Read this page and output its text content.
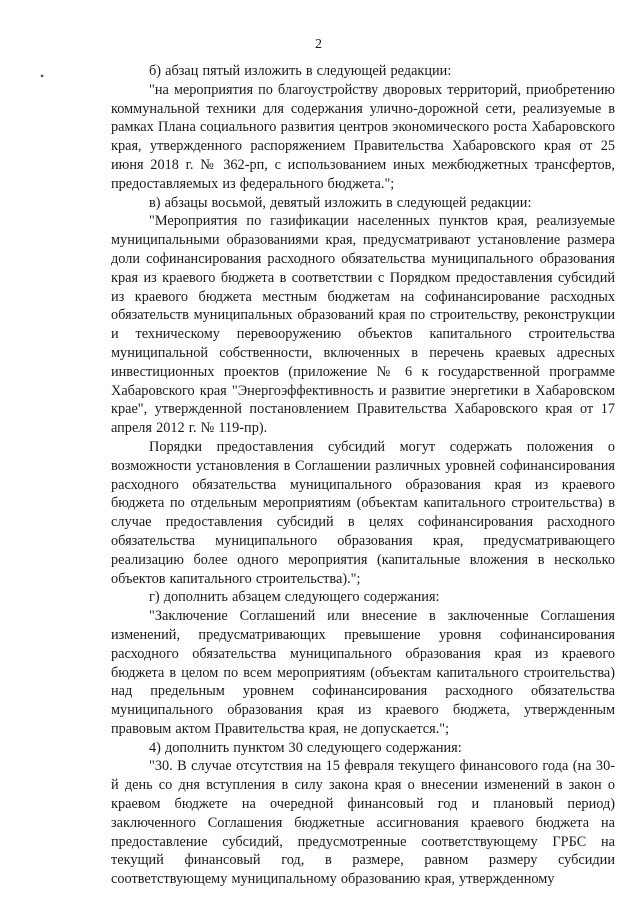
2
•	б) абзац пятый изложить в следующей редакции:

"на мероприятия по благоустройству дворовых территорий, приобретению коммунальной техники для содержания улично-дорожной сети, реализуемые в рамках Плана социального развития центров экономического роста Хабаровского края, утвержденного распоряжением Правительства Хабаровского края от 25 июня 2018 г. № 362-рп, с использованием иных межбюджетных трансфертов, предоставляемых из федерального бюджета.";

в) абзацы восьмой, девятый изложить в следующей редакции:

"Мероприятия по газификации населенных пунктов края, реализуемые муниципальными образованиями края, предусматривают установление размера доли софинансирования расходного обязательства муниципального образования края из краевого бюджета в соответствии с Порядком предоставления субсидий из краевого бюджета местным бюджетам на софинансирование расходных обязательств муниципальных образований края по строительству, реконструкции и техническому перевооружению объектов капитального строительства муниципальной собственности, включенных в перечень краевых адресных инвестиционных проектов (приложение № 6 к государственной программе Хабаровского края "Энергоэффективность и развитие энергетики в Хабаровском крае", утвержденной постановлением Правительства Хабаровского края от 17 апреля 2012 г. № 119-пр).

Порядки предоставления субсидий могут содержать положения о возможности установления в Соглашении различных уровней софинансирования расходного обязательства муниципального образования края из краевого бюджета по отдельным мероприятиям (объектам капитального строительства) в случае предоставления субсидий в целях софинансирования расходного обязательства муниципального образования края, предусматривающего реализацию более одного мероприятия (капитальные вложения в несколько объектов капитального строительства).";

г) дополнить абзацем следующего содержания:

"Заключение Соглашений или внесение в заключенные Соглашения изменений, предусматривающих превышение уровня софинансирования расходного обязательства муниципального образования края из краевого бюджета в целом по всем мероприятиям (объектам капитального строительства) над предельным уровнем софинансирования расходного обязательства муниципального образования края из краевого бюджета, утвержденным правовым актом Правительства края, не допускается.";

4) дополнить пунктом 30 следующего содержания:

"30. В случае отсутствия на 15 февраля текущего финансового года (на 30-й день со дня вступления в силу закона края о внесении изменений в закон о краевом бюджете на очередной финансовый год и плановый период) заключенного Соглашения бюджетные ассигнования краевого бюджета на предоставление субсидий, предусмотренные соответствующему ГРБС на текущий финансовый год, в размере, равном размеру субсидии соответствующему муниципальному образованию края, утвержденному
